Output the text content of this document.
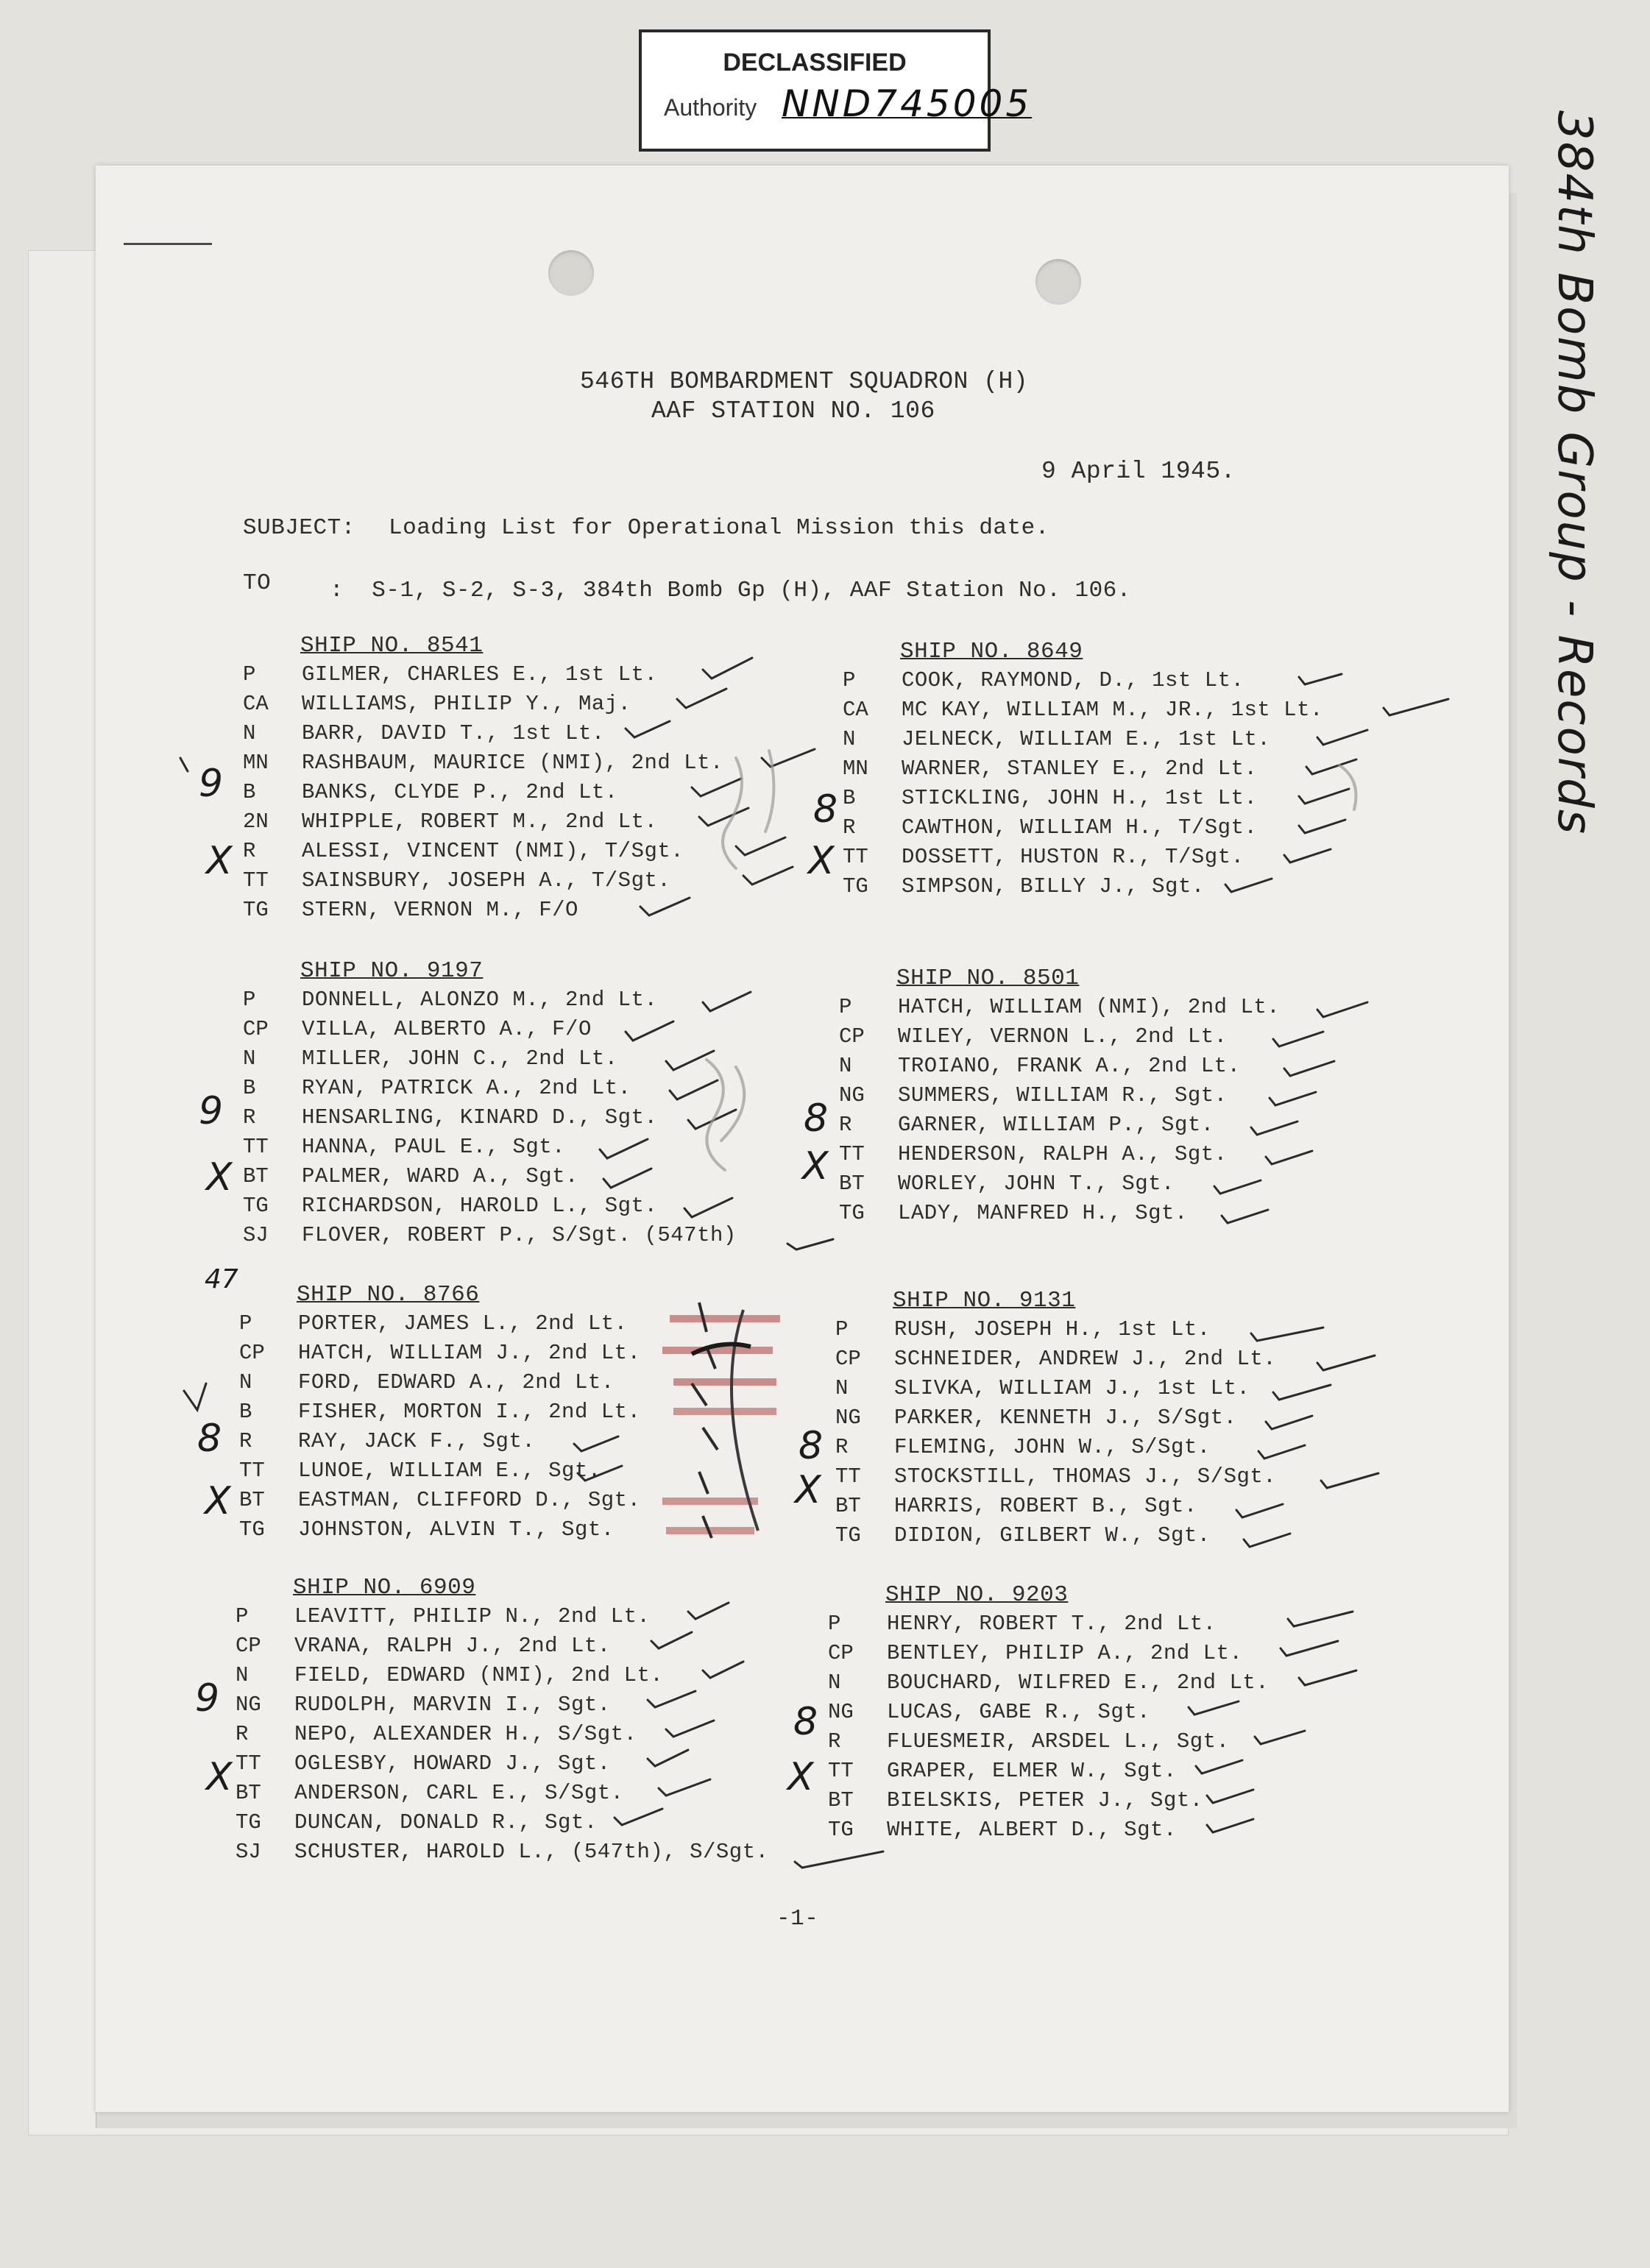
DECLASSIFIED
Authority NND745005
384th Bomb Group - Records
546TH BOMBARDMENT SQUADRON (H)
AAF STATION NO. 106
9 April 1945.
SUBJECT: Loading List for Operational Mission this date.
TO	:  S-1, S-2, S-3, 384th Bomb Gp (H), AAF Station No. 106.
SHIP NO. 8541
P GILMER, CHARLES E., 1st Lt.
CA WILLIAMS, PHILIP Y., Maj.
N BARR, DAVID T., 1st Lt.
MN RASHBAUM, MAURICE (NMI), 2nd Lt.
B BANKS, CLYDE P., 2nd Lt.
2N WHIPPLE, ROBERT M., 2nd Lt.
R ALESSI, VINCENT (NMI), T/Sgt.
TT SAINSBURY, JOSEPH A., T/Sgt.
TG STERN, VERNON M., F/O
SHIP NO. 8649
P COOK, RAYMOND, D., 1st Lt.
CA MC KAY, WILLIAM M., JR., 1st Lt.
N JELNECK, WILLIAM E., 1st Lt.
MN WARNER, STANLEY E., 2nd Lt.
B STICKLING, JOHN H., 1st Lt.
R CAWTHON, WILLIAM H., T/Sgt.
TT DOSSETT, HUSTON R., T/Sgt.
TG SIMPSON, BILLY J., Sgt.
SHIP NO. 9197
P DONNELL, ALONZO M., 2nd Lt.
CP VILLA, ALBERTO A., F/O
N MILLER, JOHN C., 2nd Lt.
B RYAN, PATRICK A., 2nd Lt.
R HENSARLING, KINARD D., Sgt.
TT HANNA, PAUL E., Sgt.
BT PALMER, WARD A., Sgt.
TG RICHARDSON, HAROLD L., Sgt.
SJ FLOVER, ROBERT P., S/Sgt. (547th)
SHIP NO. 8501
P HATCH, WILLIAM (NMI), 2nd Lt.
CP WILEY, VERNON L., 2nd Lt.
N TROIANO, FRANK A., 2nd Lt.
NG SUMMERS, WILLIAM R., Sgt.
R GARNER, WILLIAM P., Sgt.
TT HENDERSON, RALPH A., Sgt.
BT WORLEY, JOHN T., Sgt.
TG LADY, MANFRED H., Sgt.
SHIP NO. 8766
P PORTER, JAMES L., 2nd Lt.
CP HATCH, WILLIAM J., 2nd Lt.
N FORD, EDWARD A., 2nd Lt.
B FISHER, MORTON I., 2nd Lt.
R RAY, JACK F., Sgt.
TT LUNOE, WILLIAM E., Sgt.
BT EASTMAN, CLIFFORD D., Sgt.
TG JOHNSTON, ALVIN T., Sgt.
SHIP NO. 9131
P RUSH, JOSEPH H., 1st Lt.
CP SCHNEIDER, ANDREW J., 2nd Lt.
N SLIVKA, WILLIAM J., 1st Lt.
NG PARKER, KENNETH J., S/Sgt.
R FLEMING, JOHN W., S/Sgt.
TT STOCKSTILL, THOMAS J., S/Sgt.
BT HARRIS, ROBERT B., Sgt.
TG DIDION, GILBERT W., Sgt.
SHIP NO. 6909
P LEAVITT, PHILIP N., 2nd Lt.
CP VRANA, RALPH J., 2nd Lt.
N FIELD, EDWARD (NMI), 2nd Lt.
NG RUDOLPH, MARVIN I., Sgt.
R NEPO, ALEXANDER H., S/Sgt.
TT OGLESBY, HOWARD J., Sgt.
BT ANDERSON, CARL E., S/Sgt.
TG DUNCAN, DONALD R., Sgt.
SJ SCHUSTER, HAROLD L., (547th), S/Sgt.
SHIP NO. 9203
P HENRY, ROBERT T., 2nd Lt.
CP BENTLEY, PHILIP A., 2nd Lt.
N BOUCHARD, WILFRED E., 2nd Lt.
NG LUCAS, GABE R., Sgt.
R FLUESMEIR, ARSDEL L., Sgt.
TT GRAPER, ELMER W., Sgt.
BT BIELSKIS, PETER J., Sgt.
TG WHITE, ALBERT D., Sgt.
9
X
8
X
9
X
8
X
47
8
X
8
X
9
X
8
X
-1-
